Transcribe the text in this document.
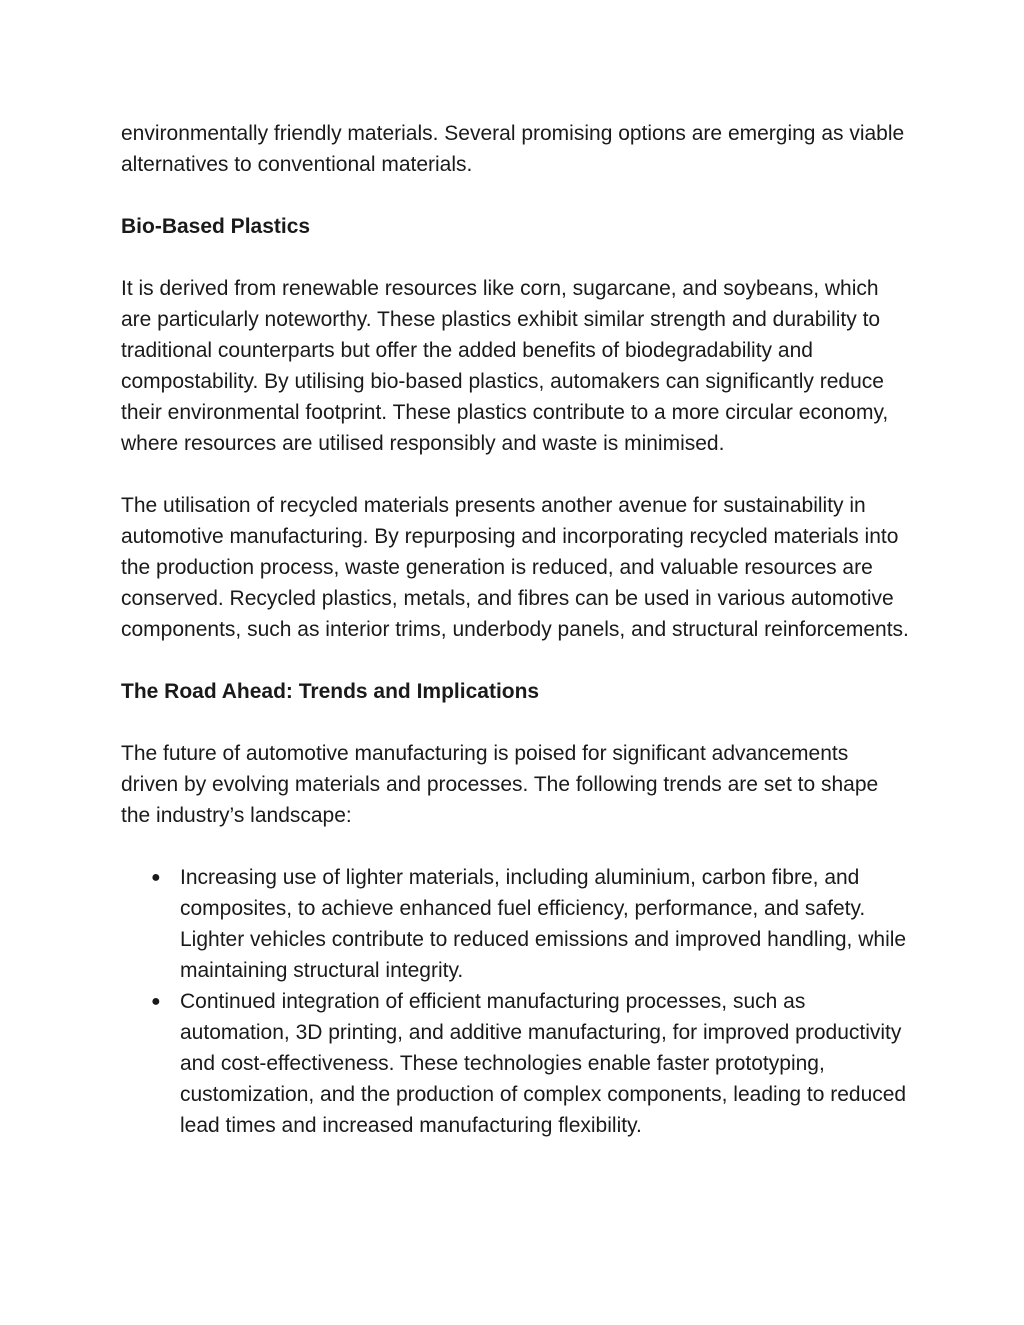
environmentally friendly materials. Several promising options are emerging as viable alternatives to conventional materials.

Bio-Based Plastics

It is derived from renewable resources like corn, sugarcane, and soybeans, which are particularly noteworthy. These plastics exhibit similar strength and durability to traditional counterparts but offer the added benefits of biodegradability and compostability. By utilising bio-based plastics, automakers can significantly reduce their environmental footprint. These plastics contribute to a more circular economy, where resources are utilised responsibly and waste is minimised.

The utilisation of recycled materials presents another avenue for sustainability in automotive manufacturing. By repurposing and incorporating recycled materials into the production process, waste generation is reduced, and valuable resources are conserved. Recycled plastics, metals, and fibres can be used in various automotive components, such as interior trims, underbody panels, and structural reinforcements.

The Road Ahead: Trends and Implications

The future of automotive manufacturing is poised for significant advancements driven by evolving materials and processes. The following trends are set to shape the industry’s landscape:

● Increasing use of lighter materials, including aluminium, carbon fibre, and composites, to achieve enhanced fuel efficiency, performance, and safety. Lighter vehicles contribute to reduced emissions and improved handling, while maintaining structural integrity.
● Continued integration of efficient manufacturing processes, such as automation, 3D printing, and additive manufacturing, for improved productivity and cost-effectiveness. These technologies enable faster prototyping, customization, and the production of complex components, leading to reduced lead times and increased manufacturing flexibility.
